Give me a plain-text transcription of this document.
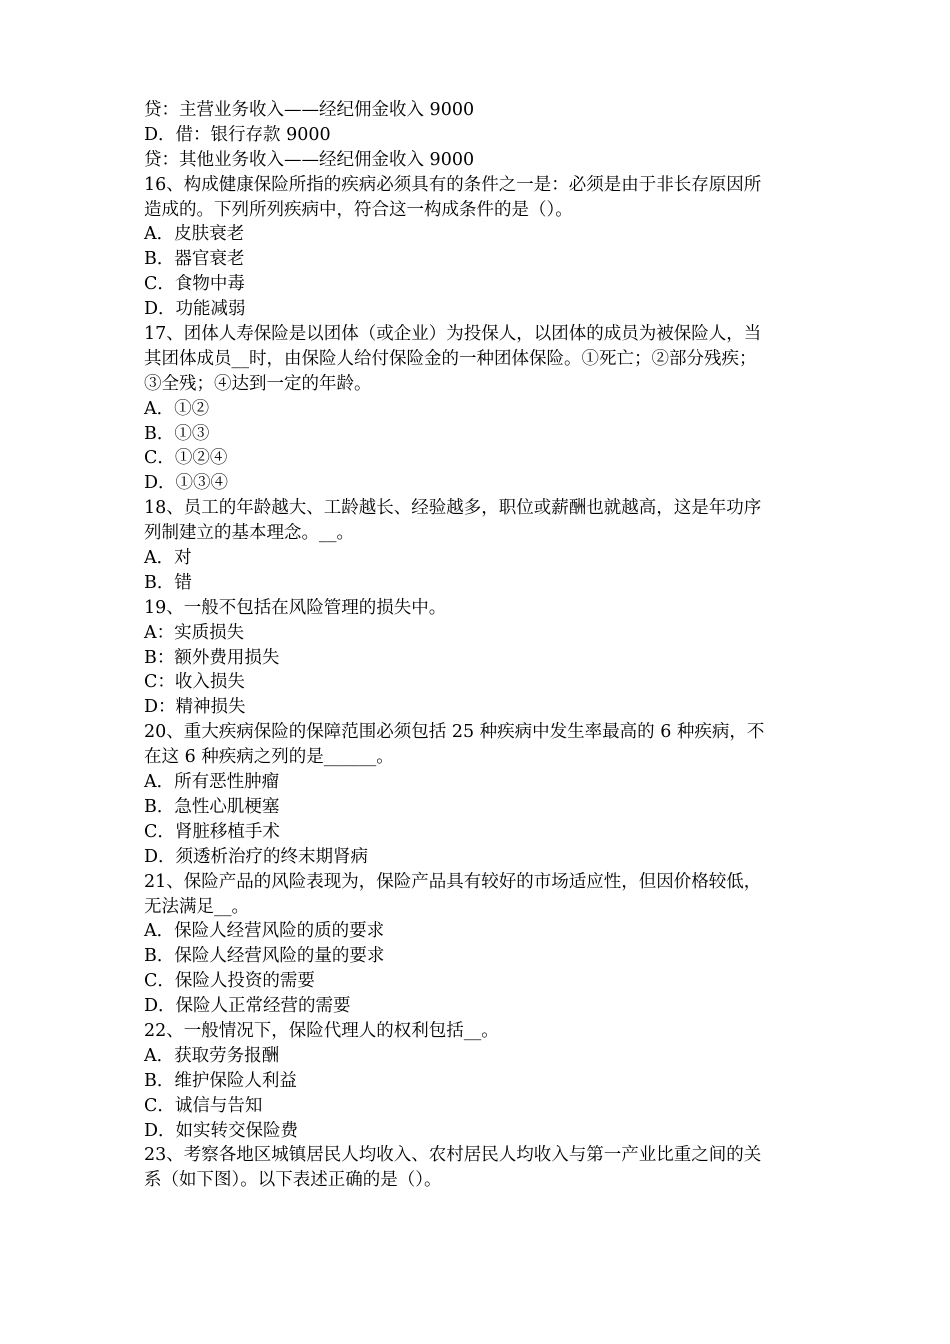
贷：主营业务收入——经纪佣金收入 9000
D．借：银行存款 9000
贷：其他业务收入——经纪佣金收入 9000
16、构成健康保险所指的疾病必须具有的条件之一是：必须是由于非长存原因所
造成的。下列所列疾病中，符合这一构成条件的是（）。
A．皮肤衰老
B．器官衰老
C．食物中毒
D．功能减弱
17、团体人寿保险是以团体（或企业）为投保人，以团体的成员为被保险人，当
其团体成员__时，由保险人给付保险金的一种团体保险。①死亡；②部分残疾；
③全残；④达到一定的年龄。
A．①②
B．①③
C．①②④
D．①③④
18、员工的年龄越大、工龄越长、经验越多，职位或薪酬也就越高，这是年功序
列制建立的基本理念。__。
A．对
B．错
19、一般不包括在风险管理的损失中。
A：实质损失
B：额外费用损失
C：收入损失
D：精神损失
20、重大疾病保险的保障范围必须包括 25 种疾病中发生率最高的 6 种疾病，不
在这 6 种疾病之列的是______。
A．所有恶性肿瘤
B．急性心肌梗塞
C．肾脏移植手术
D．须透析治疗的终末期肾病
21、保险产品的风险表现为，保险产品具有较好的市场适应性，但因价格较低，
无法满足__。
A．保险人经营风险的质的要求
B．保险人经营风险的量的要求
C．保险人投资的需要
D．保险人正常经营的需要
22、一般情况下，保险代理人的权利包括__。
A．获取劳务报酬
B．维护保险人利益
C．诚信与告知
D．如实转交保险费
23、考察各地区城镇居民人均收入、农村居民人均收入与第一产业比重之间的关
系（如下图）。以下表述正确的是（）。
